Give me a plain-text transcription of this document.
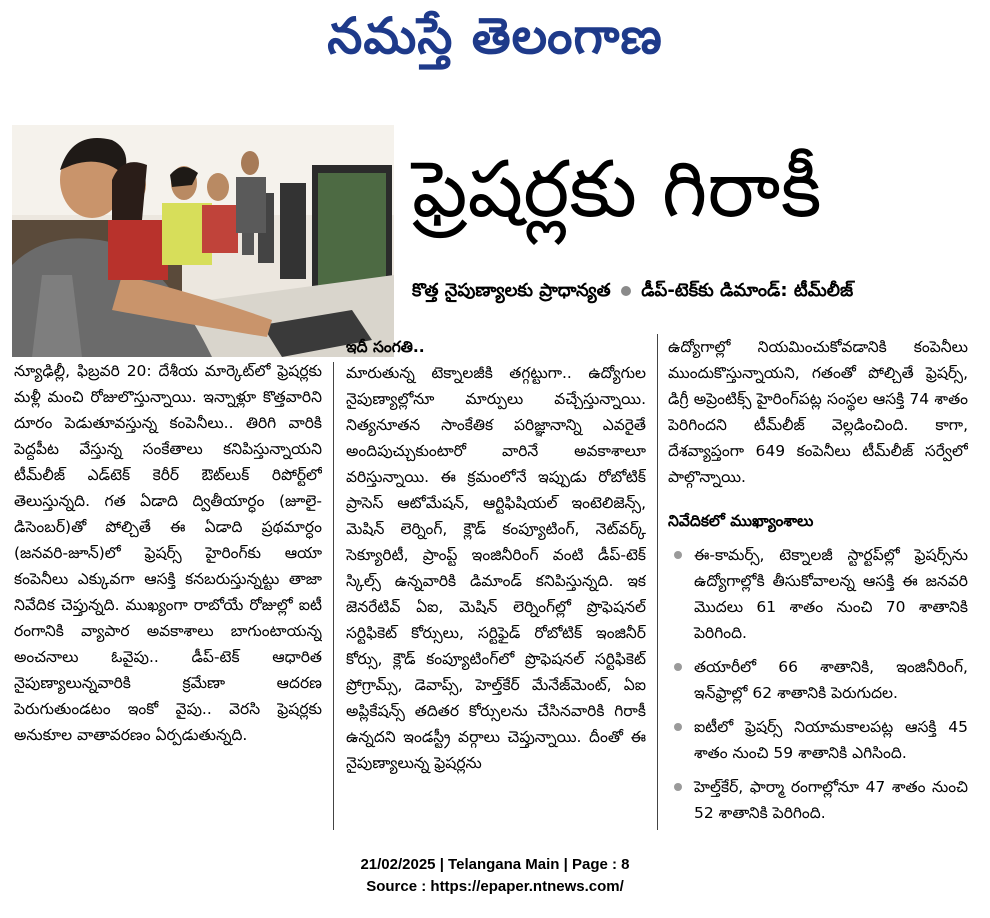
నమస్తే తెలంగాణ
ఫ్రెషర్లకు గిరాకీ
కొత్త నైపుణ్యాలకు ప్రాధాన్యత డీప్‌-టెక్‌కు డిమాండ్‌: టీమ్‌లీజ్‌

న్యూఢిల్లీ, ఫిబ్రవరి 20: దేశీయ మార్కెట్‌లో ఫ్రెషర్లకు మళ్లీ మంచి రోజులొస్తున్నాయి. ఇన్నాళ్లూ కొత్తవారిని దూరం పెడుతూవస్తున్న కంపెనీలు.. తిరిగి వారికి పెద్దపీట వేస్తున్న సంకేతాలు కనిపిస్తున్నాయని టీమ్‌లీజ్‌ ఎడ్‌టెక్‌ కెరీర్‌ ఔట్‌లుక్‌ రిపోర్ట్‌లో తెలుస్తున్నది. గత ఏడాది ద్వితీయార్ధం (జూలై-డిసెంబర్‌)తో పోల్చితే ఈ ఏడాది ప్రథమార్ధం (జనవరి-జూన్‌)లో ఫ్రెషర్స్‌ హైరింగ్‌కు ఆయా కంపెనీలు ఎక్కువగా ఆసక్తి కనబరుస్తున్నట్టు తాజా నివేదిక చెప్తున్నది. ముఖ్యంగా రాబోయే రోజుల్లో ఐటీ రంగానికి వ్యాపార అవకాశాలు బాగుంటాయన్న అంచనాలు ఓవైపు.. డీప్‌-టెక్‌ ఆధారిత నైపుణ్యాలున్నవారికి క్రమేణా ఆదరణ పెరుగుతుండటం ఇంకో వైపు.. వెరసి ఫ్రెషర్లకు అనుకూల వాతావరణం ఏర్పడుతున్నది.

ఇదీ సంగతి..

మారుతున్న టెక్నాలజీకి తగ్గట్టుగా.. ఉద్యోగుల నైపుణ్యాల్లోనూ మార్పులు వచ్చేస్తున్నాయి. నిత్యనూతన సాంకేతిక పరిజ్ఞానాన్ని ఎవరైతే అందిపుచ్చుకుంటారో వారినే అవకాశాలూ వరిస్తున్నాయి. ఈ క్రమంలోనే ఇప్పుడు రోబోటిక్‌ ప్రాసెస్‌ ఆటోమేషన్‌, ఆర్టిఫిషియల్‌ ఇంటెలిజెన్స్‌, మెషిన్‌ లెర్నింగ్‌, క్లౌడ్‌ కంప్యూటింగ్‌, నెట్‌వర్క్‌ సెక్యూరిటీ, ప్రాంప్ట్‌ ఇంజినీరింగ్‌ వంటి డీప్‌-టెక్‌ స్కిల్స్‌ ఉన్నవారికి డిమాండ్‌ కనిపిస్తున్నది. ఇక జెనరేటివ్‌ ఏఐ, మెషిన్‌ లెర్నింగ్‌ల్లో ప్రొఫెషనల్‌ సర్టిఫికెట్‌ కోర్సులు, సర్టిఫైడ్‌ రోబోటిక్‌ ఇంజినీర్‌ కోర్సు, క్లౌడ్‌ కంప్యూటింగ్‌లో ప్రొఫెషనల్‌ సర్టిఫికెట్‌ ప్రోగ్రామ్స్‌, డెవాప్స్‌, హెల్త్‌కేర్‌ మేనేజ్‌మెంట్‌, ఏఐ అప్లికేషన్స్‌ తదితర కోర్సులను చేసినవారికి గిరాకీ ఉన్నదని ఇండస్ట్రీ వర్గాలు చెప్తున్నాయి. దీంతో ఈ నైపుణ్యాలున్న ఫ్రెషర్లను

ఉద్యోగాల్లో నియమించుకోవడానికి కంపెనీలు ముందుకొస్తున్నాయని, గతంతో పోల్చితే ఫ్రెషర్స్‌, డిగ్రీ అప్రెంటిక్స్‌ హైరింగ్‌పట్ల సంస్థల ఆసక్తి 74 శాతం పెరిగిందని టీమ్‌లీజ్‌ వెల్లడించింది. కాగా, దేశవ్యాప్తంగా 649 కంపెనీలు టీమ్‌లీజ్‌ సర్వేలో పాల్గొన్నాయి.

నివేదికలో ముఖ్యాంశాలు

ఈ-కామర్స్‌, టెక్నాలజీ స్టార్టప్‌ల్లో ఫ్రెషర్స్‌ను ఉద్యోగాల్లోకి తీసుకోవాలన్న ఆసక్తి ఈ జనవరి మొదలు 61 శాతం నుంచి 70 శాతానికి పెరిగింది.

తయారీలో 66 శాతానికి, ఇంజినీరింగ్‌, ఇన్‌ఫ్రాల్లో 62 శాతానికి పెరుగుదల.

ఐటీలో ఫ్రెషర్స్‌ నియామకాలపట్ల ఆసక్తి 45 శాతం నుంచి 59 శాతానికి ఎగిసింది.

హెల్త్‌కేర్‌, ఫార్మా రంగాల్లోనూ 47 శాతం నుంచి 52 శాతానికి పెరిగింది.

21/02/2025 | Telangana Main | Page : 8
Source : https://epaper.ntnews.com/
